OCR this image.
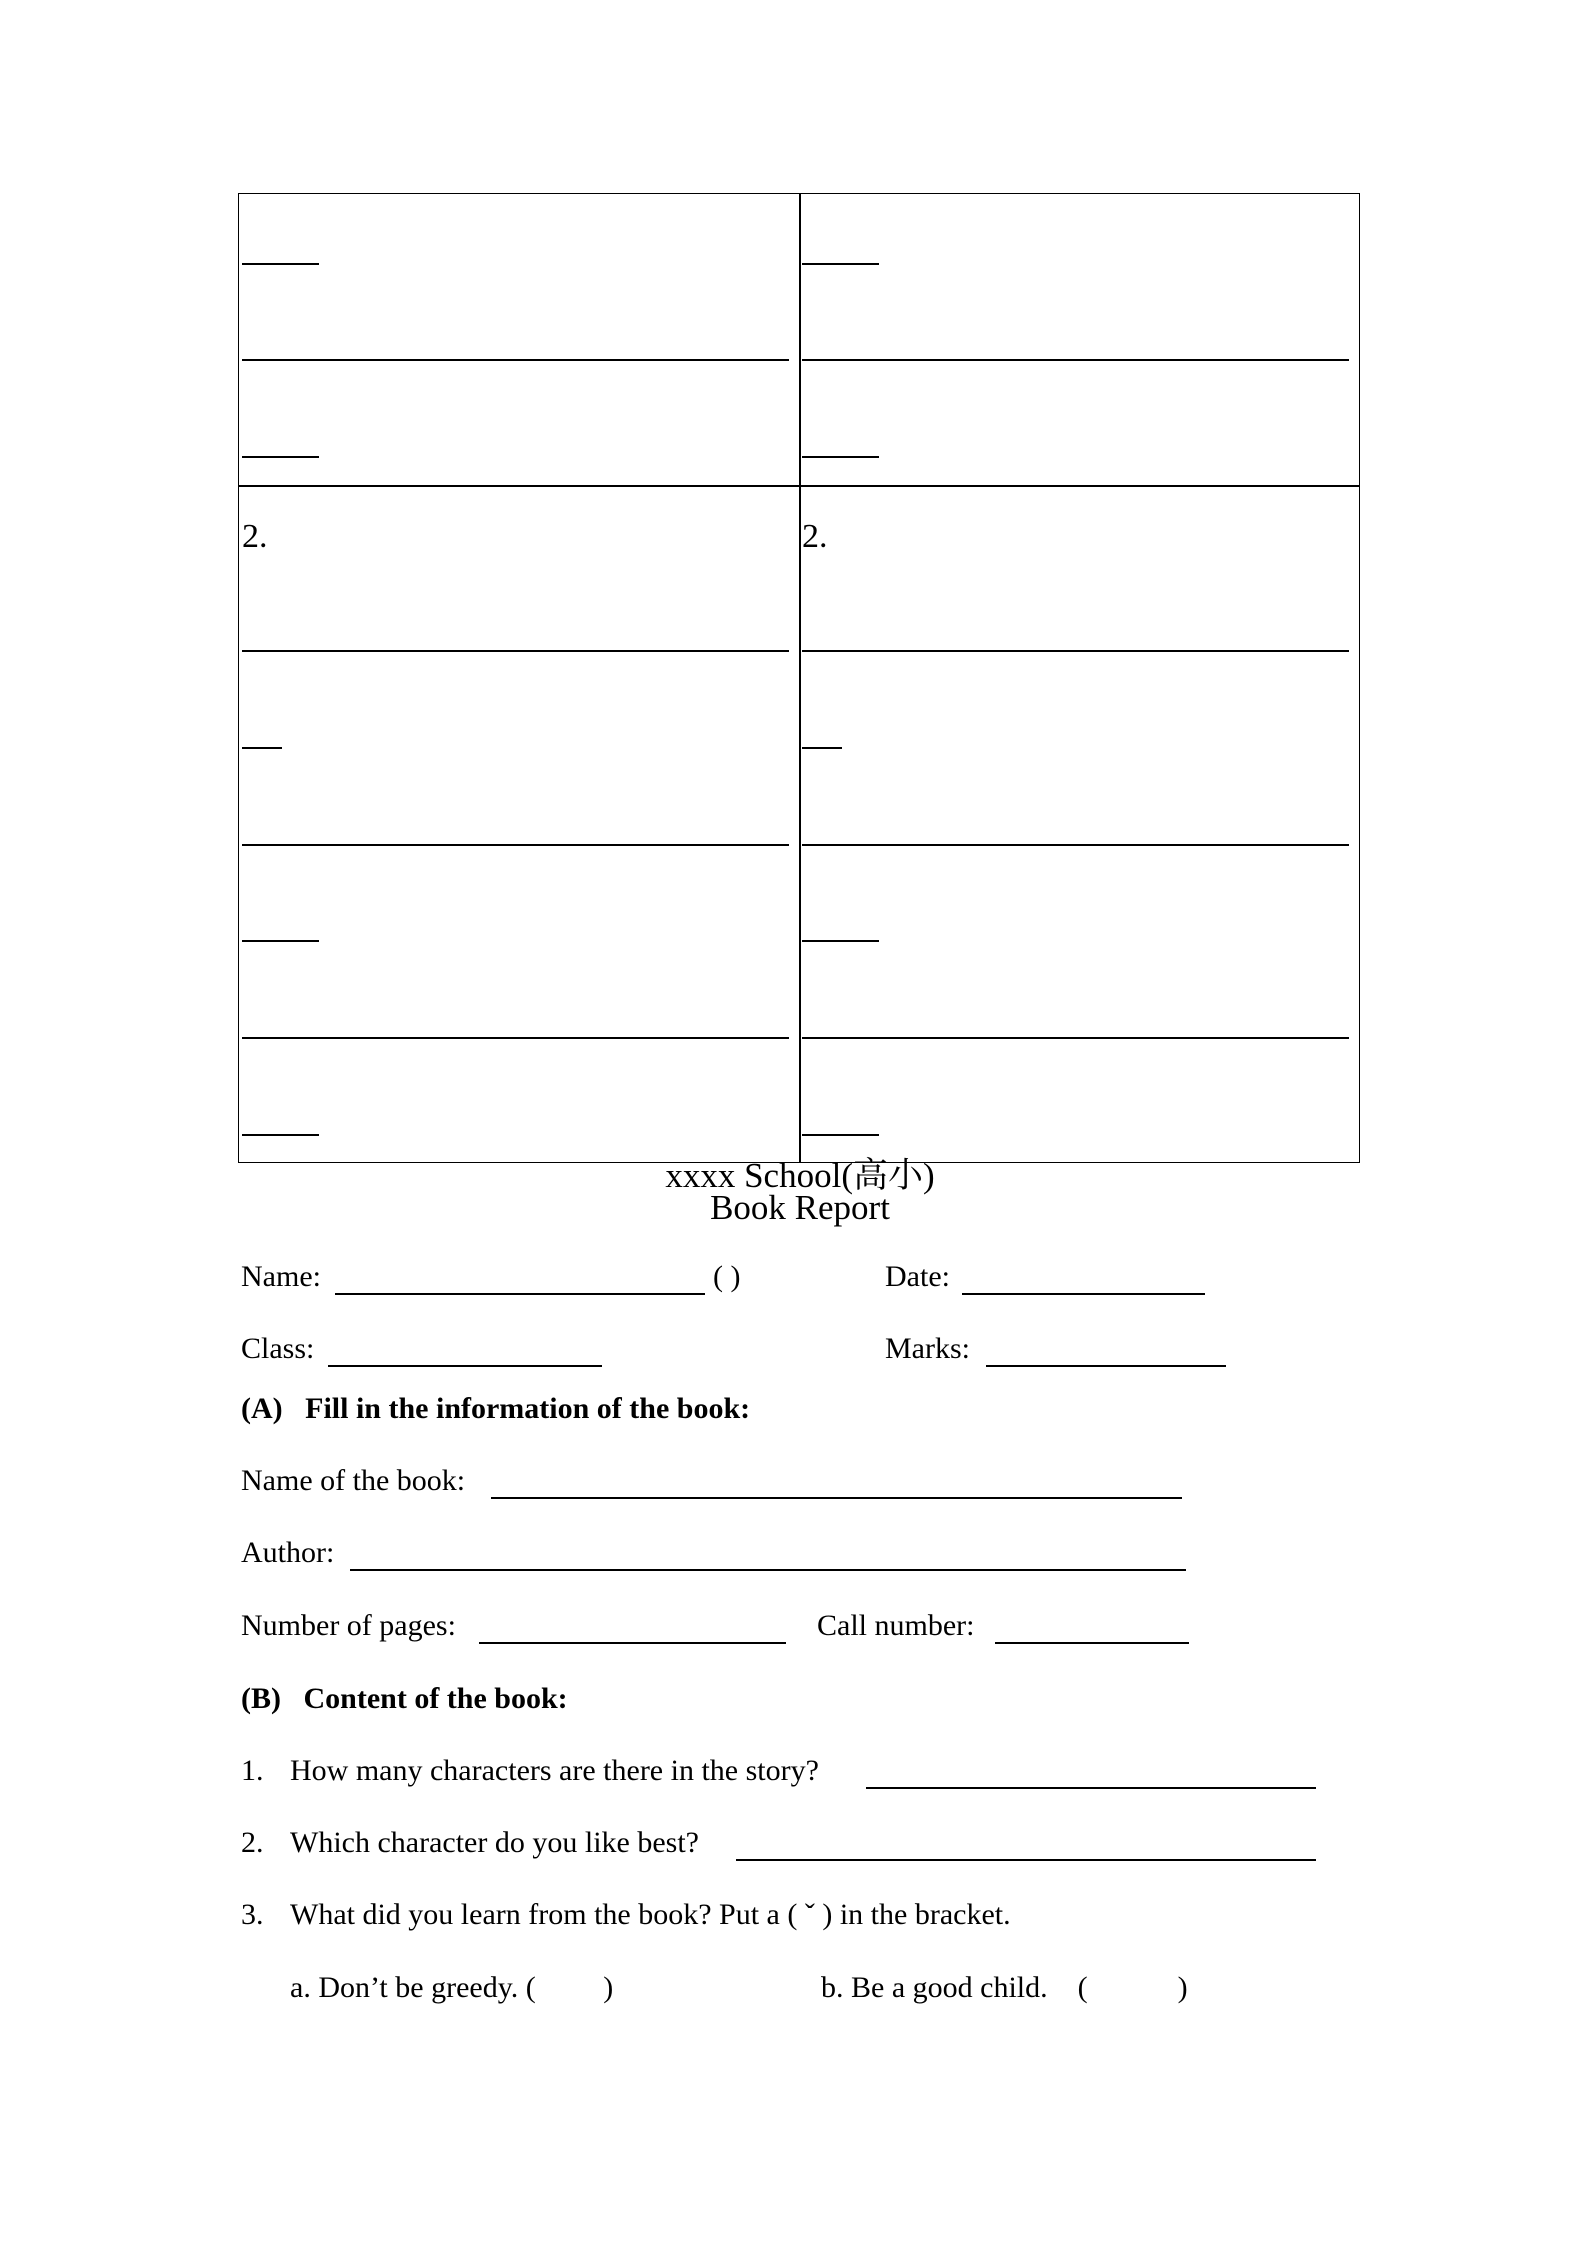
2.	2.
xxxx School(高小)
Book Report
Name:	( )	Date:
Class:	Marks:
(A)   Fill in the information of the book:
Name of the book:
Author:
Number of pages:	Call number:
(B)   Content of the book:
1. How many characters are there in the story?
2. Which character do you like best?
3. What did you learn from the book? Put a ( ˇ ) in the bracket.
a. Don’t be greedy. (         )	b. Be a good child.    (            )
